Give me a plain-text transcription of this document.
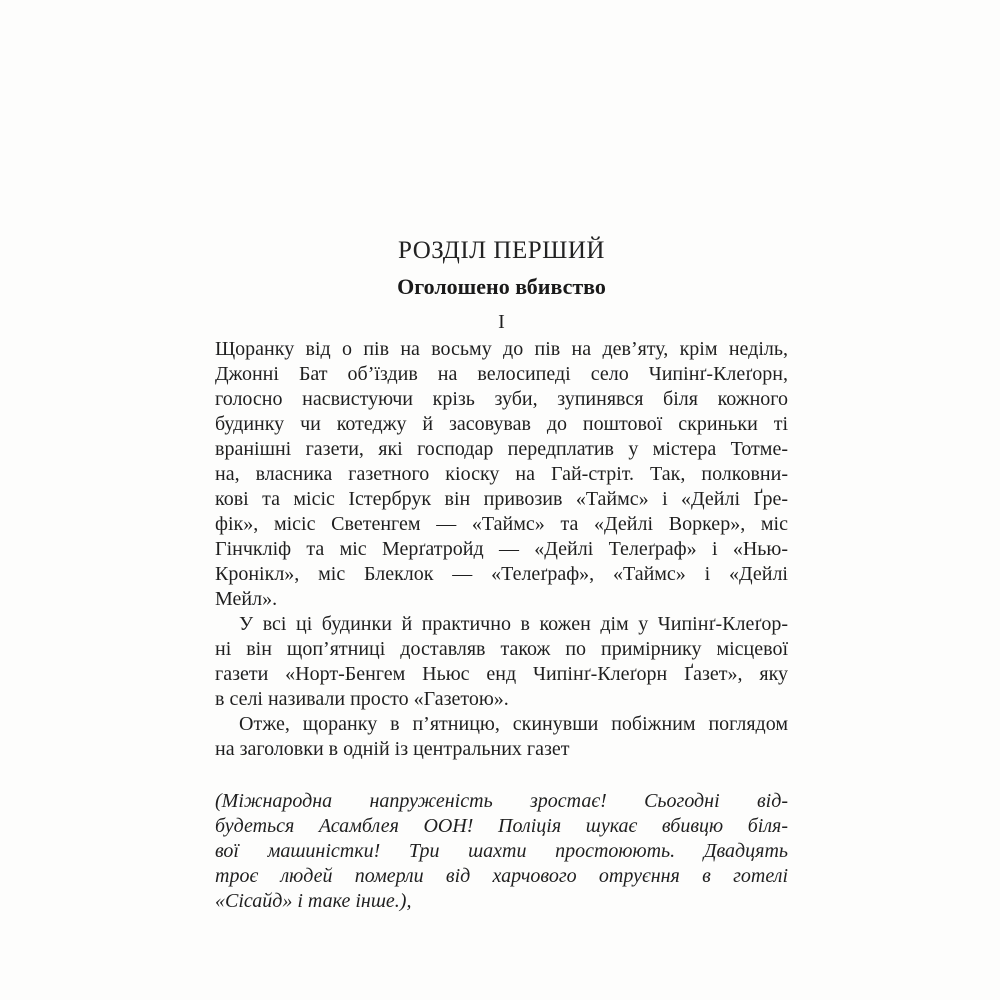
РОЗДІЛ ПЕРШИЙ
Оголошено вбивство
I
Щоранку від о пів на восьму до пів на дев’яту, крім неділь,
Джонні Бат об’їздив на велосипеді село Чипінґ-Клеґорн,
голосно насвистуючи крізь зуби, зупинявся біля кожного
будинку чи котеджу й засовував до поштової скриньки ті
вранішні газети, які господар передплатив у містера Тотме-
на, власника газетного кіоску на Гай-стріт. Так, полковни-
кові та місіс Істербрук він привозив «Таймс» і «Дейлі Ґре-
фік», місіс Светенгем — «Таймс» та «Дейлі Воркер», міс
Гінчкліф та міс Мерґатройд — «Дейлі Телеґраф» і «Нью-
Кронікл», міс Блеклок — «Телеґраф», «Таймс» і «Дейлі
Мейл».
У всі ці будинки й практично в кожен дім у Чипінґ-Клеґор-
ні він щоп’ятниці доставляв також по примірнику місцевої
газети «Норт-Бенгем Ньюс енд Чипінґ-Клеґорн Ґазет», яку
в селі називали просто «Газетою».
Отже, щоранку в п’ятницю, скинувши побіжним поглядом
на заголовки в одній із центральних газет
(Міжнародна напруженість зростає! Сьогодні від-
будеться Асамблея ООН! Поліція шукає вбивцю біля-
вої машиністки! Три шахти простоюють. Двадцять
троє людей померли від харчового отруєння в готелі
«Сісайд» і таке інше.),
